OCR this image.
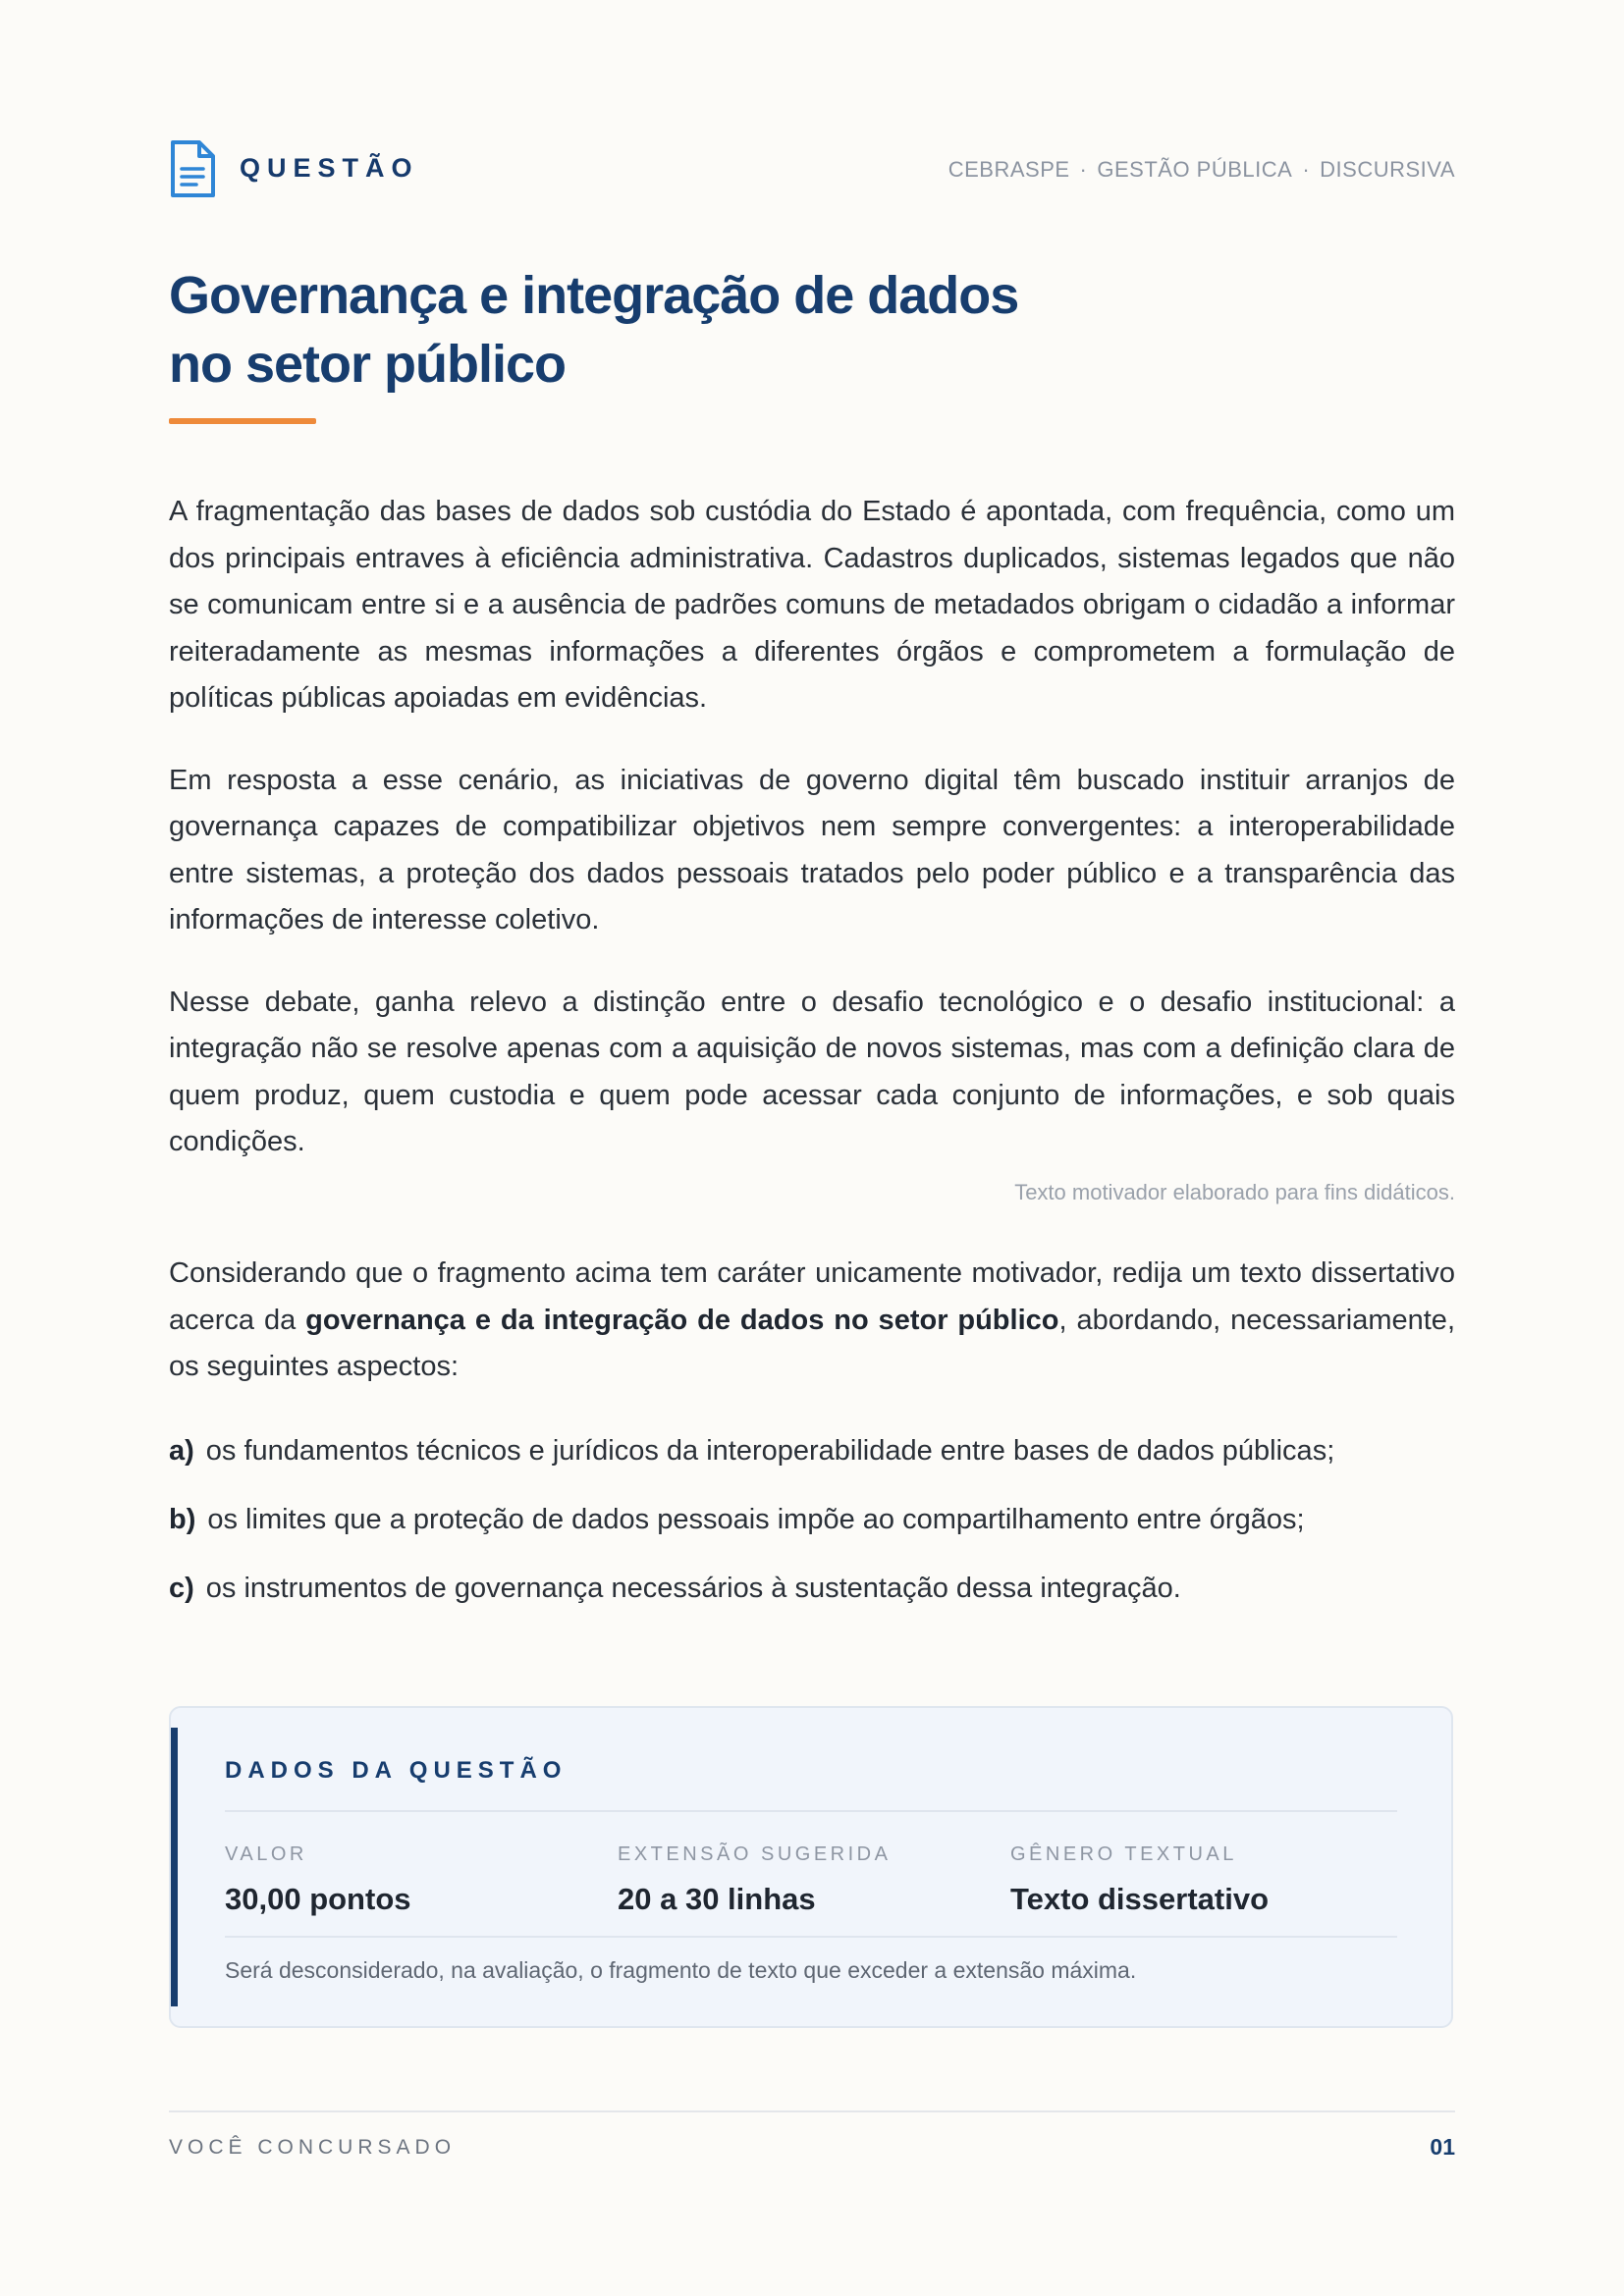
QUESTÃO	CEBRASPE · GESTÃO PÚBLICA · DISCURSIVA
Governança e integração de dados
no setor público

A fragmentação das bases de dados sob custódia do Estado é apontada, com frequência, como um dos principais entraves à eficiência administrativa. Cadastros duplicados, sistemas legados que não se comunicam entre si e a ausência de padrões comuns de metadados obrigam o cidadão a informar reiteradamente as mesmas informações a diferentes órgãos e comprometem a formulação de políticas públicas apoiadas em evidências.

Em resposta a esse cenário, as iniciativas de governo digital têm buscado instituir arranjos de governança capazes de compatibilizar objetivos nem sempre convergentes: a interoperabilidade entre sistemas, a proteção dos dados pessoais tratados pelo poder público e a transparência das informações de interesse coletivo.

Nesse debate, ganha relevo a distinção entre o desafio tecnológico e o desafio institucional: a integração não se resolve apenas com a aquisição de novos sistemas, mas com a definição clara de quem produz, quem custodia e quem pode acessar cada conjunto de informações, e sob quais condições.

Texto motivador elaborado para fins didáticos.

Considerando que o fragmento acima tem caráter unicamente motivador, redija um texto dissertativo acerca da governança e da integração de dados no setor público, abordando, necessariamente, os seguintes aspectos:

a) os fundamentos técnicos e jurídicos da interoperabilidade entre bases de dados públicas;
b) os limites que a proteção de dados pessoais impõe ao compartilhamento entre órgãos;
c) os instrumentos de governança necessários à sustentação dessa integração.
DADOS DA QUESTÃO
VALOR
30,00 pontos
EXTENSÃO SUGERIDA
20 a 30 linhas
GÊNERO TEXTUAL
Texto dissertativo
Será desconsiderado, na avaliação, o fragmento de texto que exceder a extensão máxima.
VOCÊ CONCURSADO	01
